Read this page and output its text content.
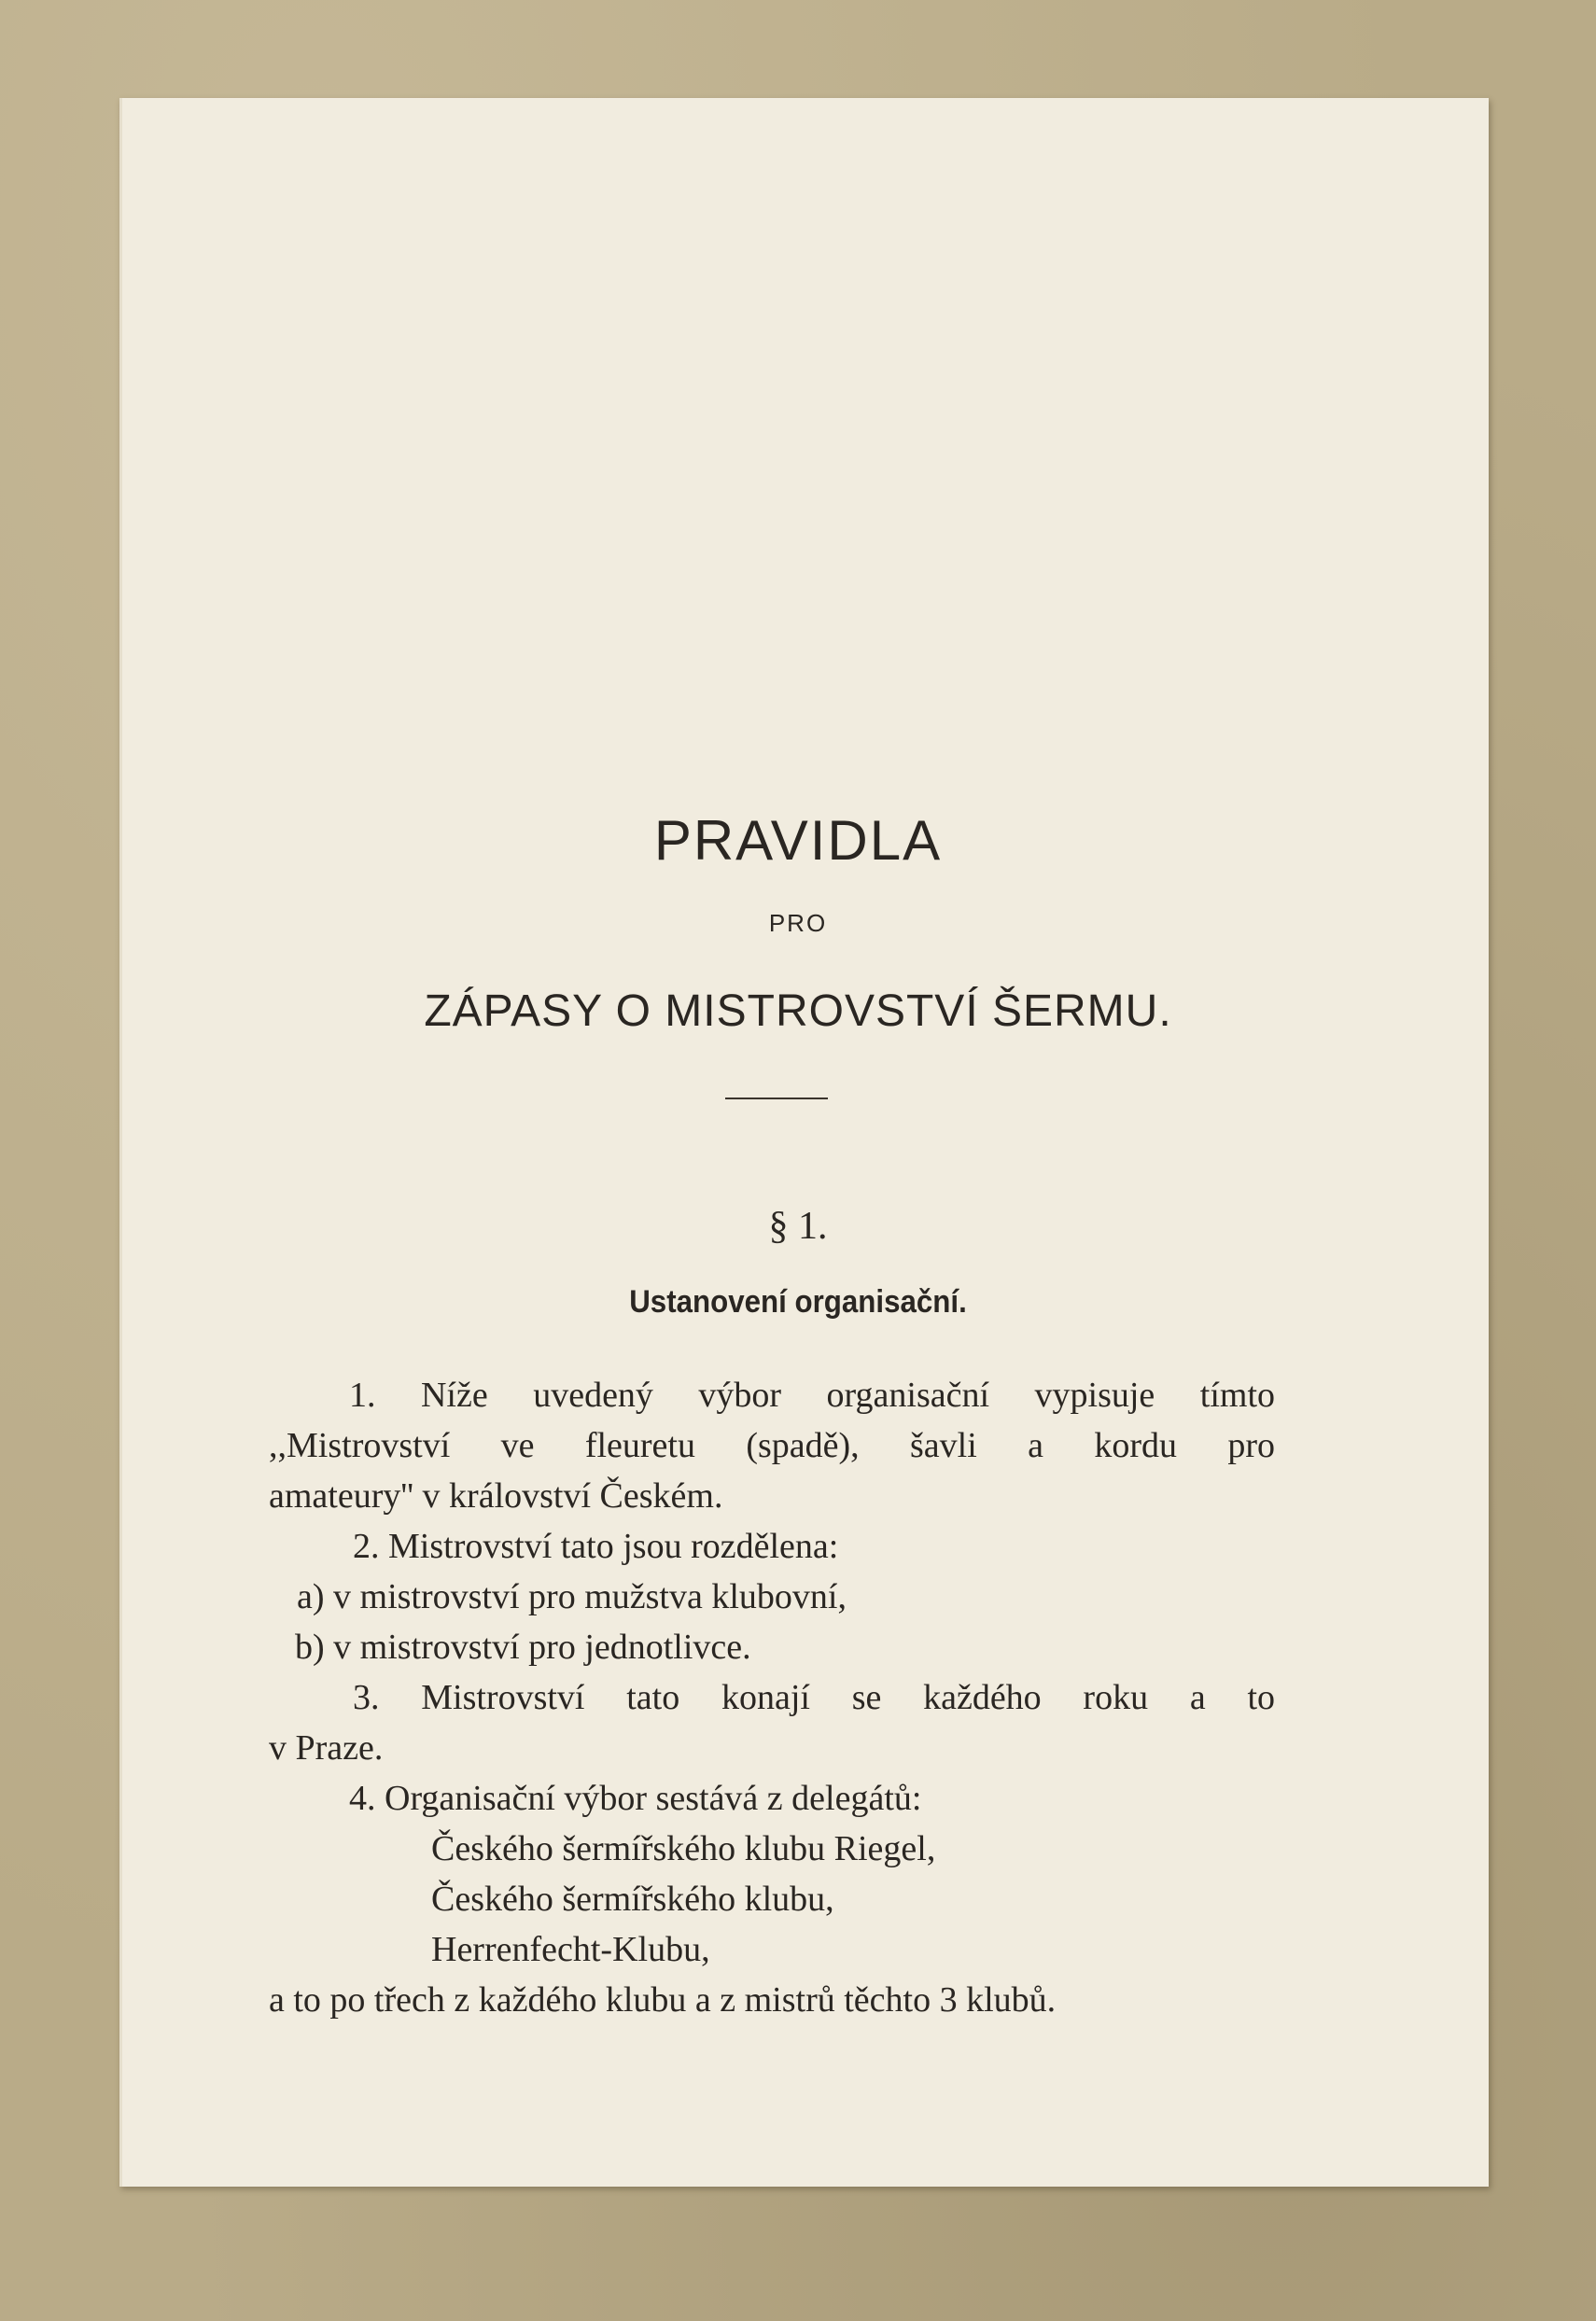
PRAVIDLA
PRO
ZÁPASY O MISTROVSTVÍ ŠERMU.
§ 1.
Ustanovení organisační.
1. Níže uvedený výbor organisační vypisuje tímto
,,Mistrovství ve fleuretu (spadě), šavli a kordu pro
amateury'' v království Českém.
2. Mistrovství tato jsou rozdělena:
a) v mistrovství pro mužstva klubovní,
b) v mistrovství pro jednotlivce.
3. Mistrovství tato konají se každého roku a to
v Praze.
4. Organisační výbor sestává z delegátů:
Českého šermířského klubu Riegel,
Českého šermířského klubu,
Herrenfecht-Klubu,
a to po třech z každého klubu a z mistrů těchto 3 klubů.
